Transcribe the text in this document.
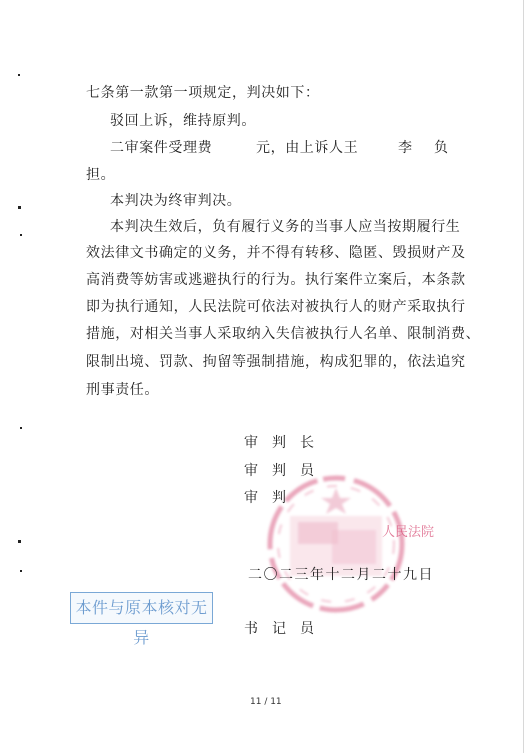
七条第一款第一项规定，判决如下：
驳回上诉，维持原判。
二审案件受理费	元，由上诉人王	李 负
担。
本判决为终审判决。
本判决生效后，负有履行义务的当事人应当按期履行生
效法律文书确定的义务，并不得有转移、隐匿、毁损财产及
高消费等妨害或逃避执行的行为。执行案件立案后，本条款
即为执行通知，人民法院可依法对被执行人的财产采取执行
措施，对相关当事人采取纳入失信被执行人名单、限制消费、
限制出境、罚款、拘留等强制措施，构成犯罪的，依法追究
刑事责任。
人民法院
审判长
审判员
审判
二〇二三年十二月二十九日
本件与原本核对无异	书记员
11 / 11
